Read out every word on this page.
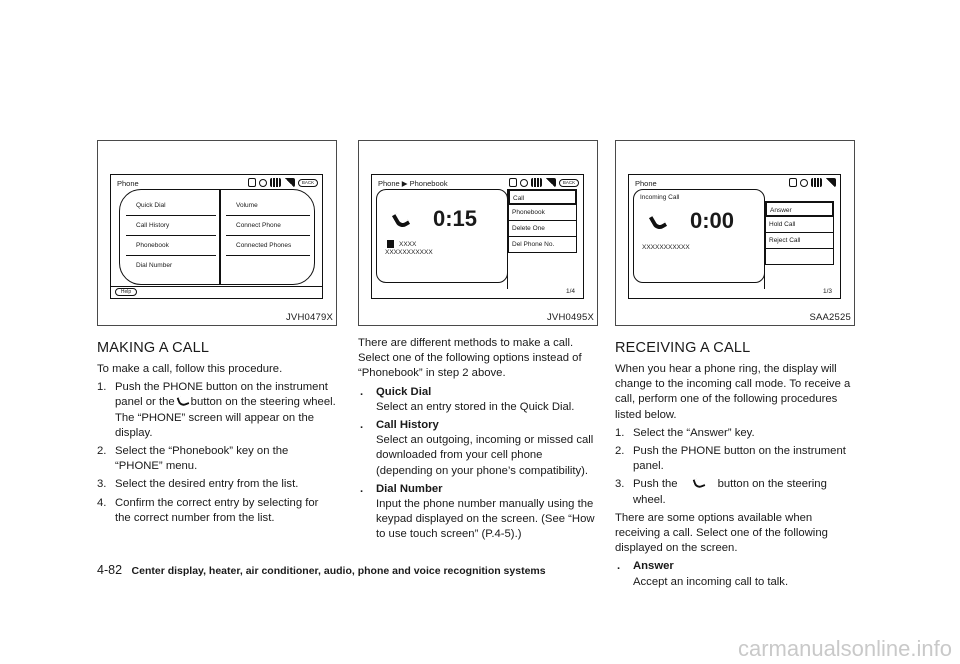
Phone	BACK
Quick Dial
Call History
Phonebook
Dial Number
Volume
Connect Phone
Connected Phones
Help
JVH0479X
MAKING A CALL

To make a call, follow this procedure.

1. Push the PHONE button on the instrument panel or the button on the steering wheel. The “PHONE” screen will appear on the display.
2. Select the “Phonebook” key on the “PHONE” menu.
3. Select the desired entry from the list.
4. Confirm the correct entry by selecting for the correct number from the list.
Phone ▶ Phonebook	BACK
0:15
XXXX
XXXXXXXXXXX
Call
Phonebook
Delete One
Del Phone No.
1/4
JVH0495X

There are different methods to make a call. Select one of the following options instead of “Phonebook” in step 2 above.

. Quick Dial
Select an entry stored in the Quick Dial.
. Call History
Select an outgoing, incoming or missed call downloaded from your cell phone (depending on your phone’s compatibility).
. Dial Number
Input the phone number manually using the keypad displayed on the screen. (See “How to use touch screen” (P.4-5).)
Phone
Incoming Call
0:00
XXXXXXXXXXX
Answer
Hold Call
Reject Call
1/3
SAA2525
RECEIVING A CALL

When you hear a phone ring, the display will change to the incoming call mode. To receive a call, perform one of the following procedures listed below.

1. Select the “Answer” key.
2. Push the PHONE button on the instrument panel.
3. Push the	button on the steering wheel.

There are some options available when receiving a call. Select one of the following displayed on the screen.

. Answer
Accept an incoming call to talk.
4-82 Center display, heater, air conditioner, audio, phone and voice recognition systems
carmanualsonline.info
